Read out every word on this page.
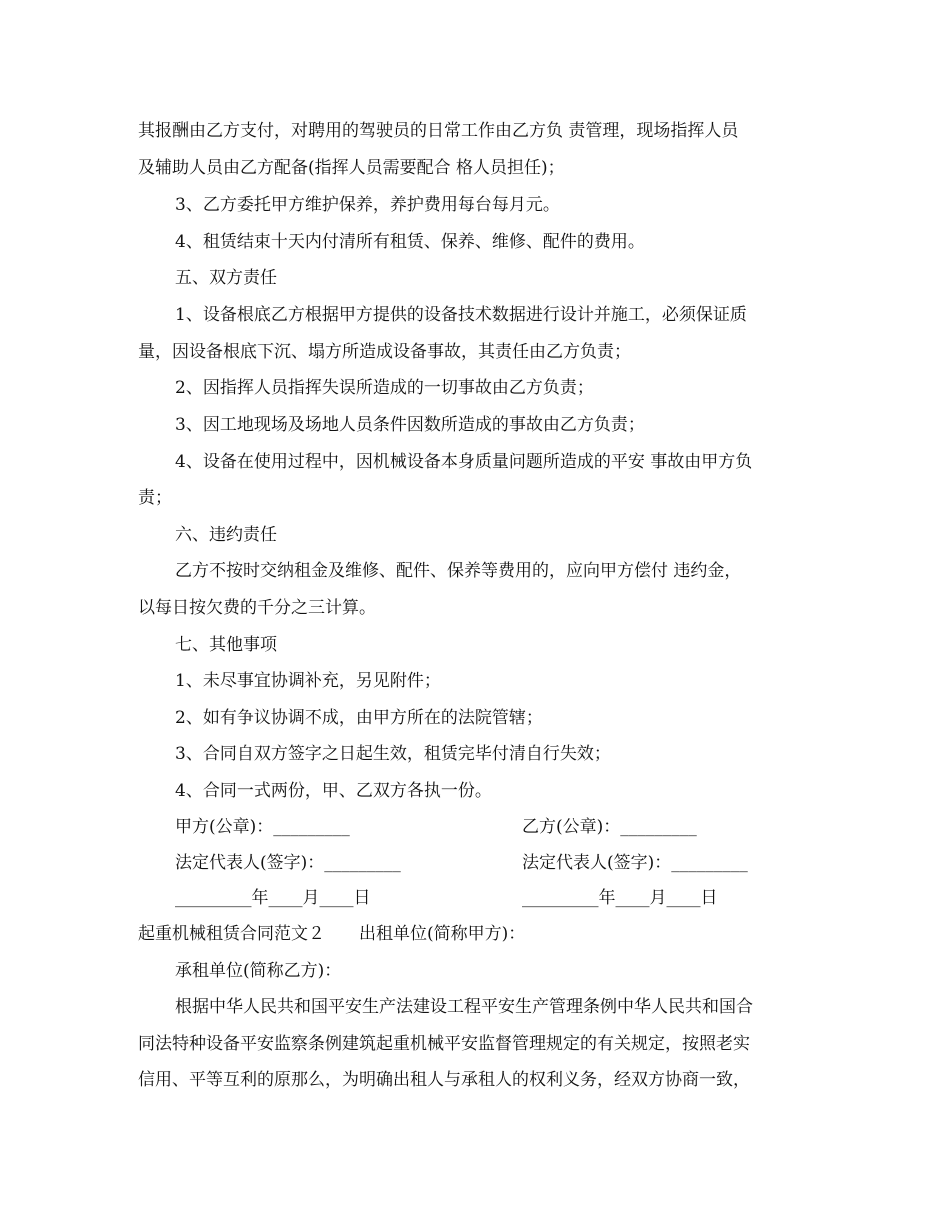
其报酬由乙方支付，对聘用的驾驶员的日常工作由乙方负 责管理，现场指挥人员
及辅助人员由乙方配备(指挥人员需要配合 格人员担任)；
3、乙方委托甲方维护保养，养护费用每台每月元。
4、租赁结束十天内付清所有租赁、保养、维修、配件的费用。
五、双方责任
1、设备根底乙方根据甲方提供的设备技术数据进行设计并施工，必须保证质
量，因设备根底下沉、塌方所造成设备事故，其责任由乙方负责；
2、因指挥人员指挥失误所造成的一切事故由乙方负责；
3、因工地现场及场地人员条件因数所造成的事故由乙方负责；
4、设备在使用过程中，因机械设备本身质量问题所造成的平安 事故由甲方负
责；
六、违约责任
乙方不按时交纳租金及维修、配件、保养等费用的，应向甲方偿付 违约金，
以每日按欠费的千分之三计算。
七、其他事项
1、未尽事宜协调补充，另见附件；
2、如有争议协调不成，由甲方所在的法院管辖；
3、合同自双方签字之日起生效，租赁完毕付清自行失效；
4、合同一式两份，甲、乙双方各执一份。
甲方(公章)：_________	乙方(公章)：_________
法定代表人(签字)：_________	法定代表人(签字)：_________
_________年____月____日	_________年____月____日
起重机械租赁合同范文２　　出租单位(简称甲方)：
承租单位(简称乙方)：
根据中华人民共和国平安生产法建设工程平安生产管理条例中华人民共和国合
同法特种设备平安监察条例建筑起重机械平安监督管理规定的有关规定，按照老实
信用、平等互利的原那么，为明确出租人与承租人的权利义务，经双方协商一致，
